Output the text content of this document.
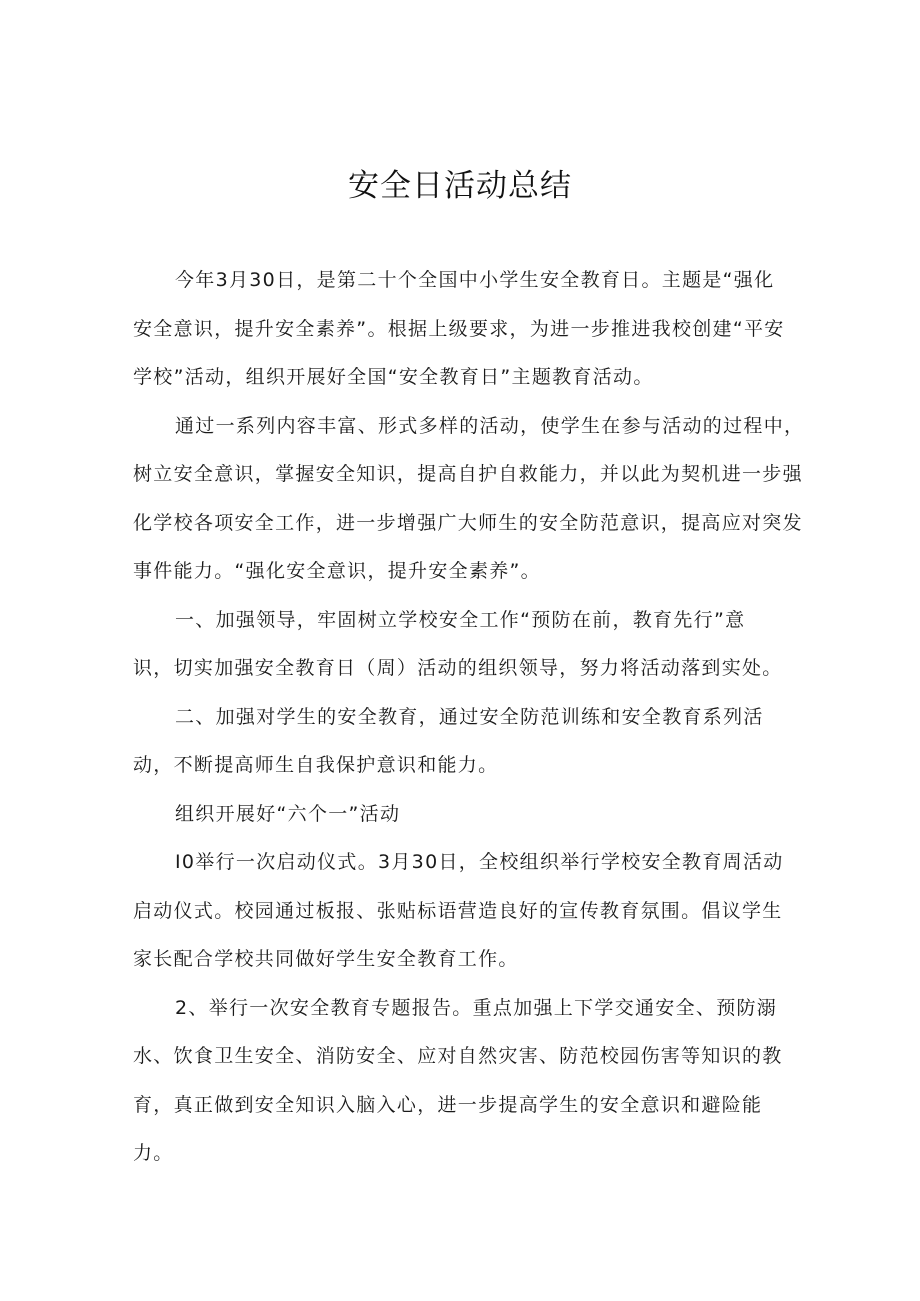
安全日活动总结
今年3月30日，是第二十个全国中小学生安全教育日。主题是“强化
安全意识，提升安全素养”。根据上级要求，为进一步推进我校创建“平安
学校”活动，组织开展好全国“安全教育日”主题教育活动。
通过一系列内容丰富、形式多样的活动，使学生在参与活动的过程中，
树立安全意识，掌握安全知识，提高自护自救能力，并以此为契机进一步强
化学校各项安全工作，进一步增强广大师生的安全防范意识，提高应对突发
事件能力。“强化安全意识，提升安全素养”。
一、加强领导，牢固树立学校安全工作“预防在前，教育先行”意
识，切实加强安全教育日（周）活动的组织领导，努力将活动落到实处。
二、加强对学生的安全教育，通过安全防范训练和安全教育系列活
动，不断提高师生自我保护意识和能力。
组织开展好“六个一”活动
I0举行一次启动仪式。3月30日，全校组织举行学校安全教育周活动
启动仪式。校园通过板报、张贴标语营造良好的宣传教育氛围。倡议学生
家长配合学校共同做好学生安全教育工作。
2、举行一次安全教育专题报告。重点加强上下学交通安全、预防溺
水、饮食卫生安全、消防安全、应对自然灾害、防范校园伤害等知识的教
育，真正做到安全知识入脑入心，进一步提高学生的安全意识和避险能
力。
